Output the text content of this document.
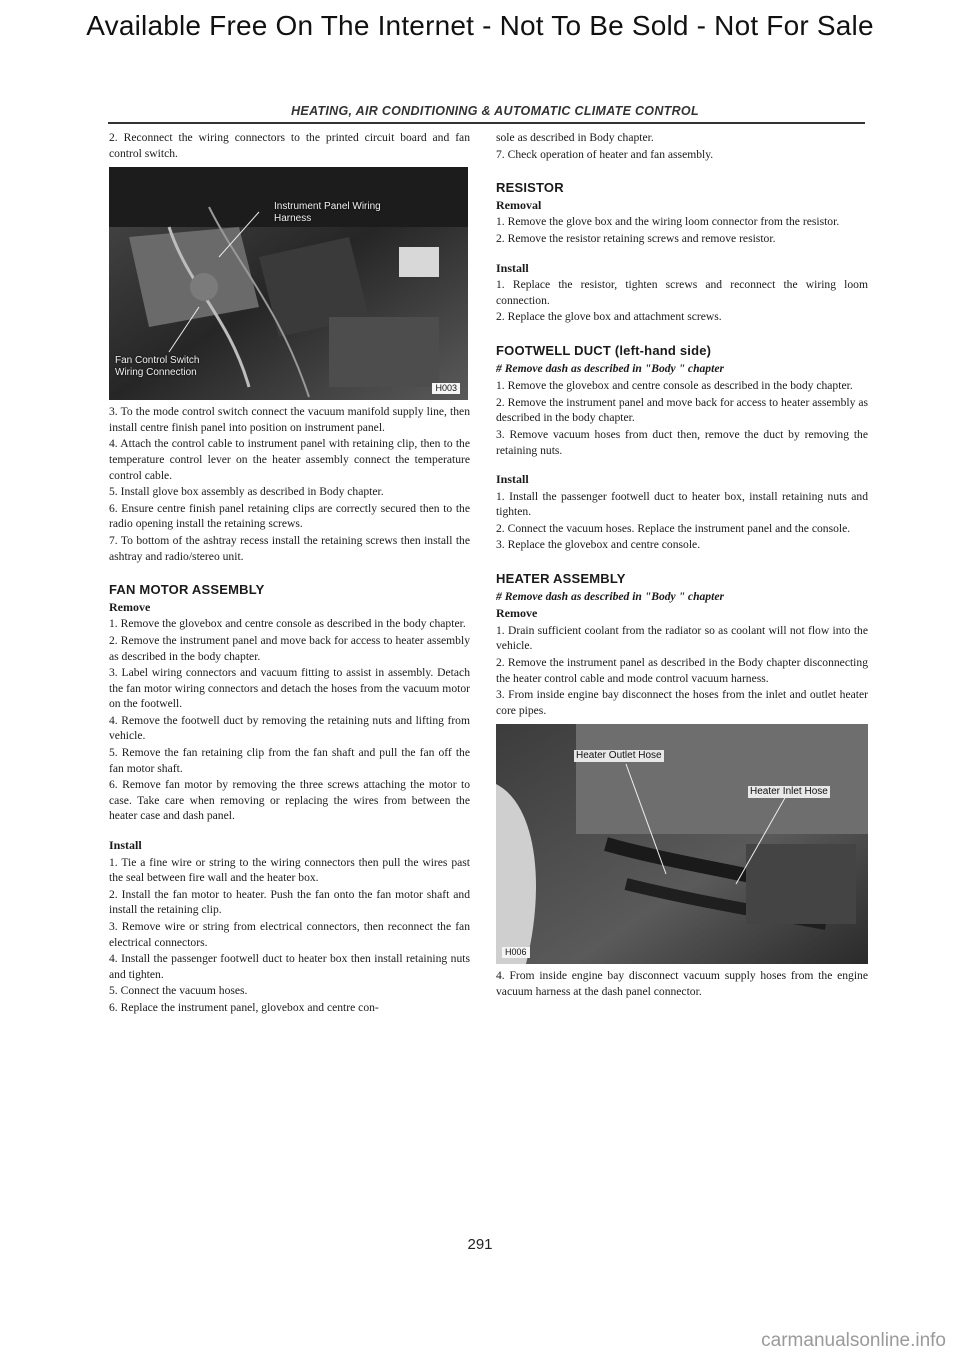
Available Free On The Internet - Not To Be Sold - Not For Sale
HEATING, AIR CONDITIONING & AUTOMATIC CLIMATE CONTROL

2. Reconnect the wiring connectors to the printed circuit board and fan control switch.

Instrument Panel Wiring Harness
Fan Control Switch Wiring Connection
H003

3. To the mode control switch connect the vacuum manifold supply line, then install centre finish panel into position on instrument panel.

4. Attach the control cable to instrument panel with retaining clip, then to the temperature control lever on the heater assembly connect the temperature control cable.

5. Install glove box assembly as described in Body chapter.

6. Ensure centre finish panel retaining clips are correctly secured then to the radio opening install the retaining screws.

7. To bottom of the ashtray recess install the retaining screws then install the ashtray and radio/stereo unit.

FAN MOTOR ASSEMBLY
Remove

1. Remove the glovebox and centre console as described in the body chapter.

2. Remove the instrument panel and move back for access to heater assembly as described in the body chapter.

3. Label wiring connectors and vacuum fitting to assist in assembly. Detach the fan motor wiring connectors and detach the hoses from the vacuum motor on the footwell.

4. Remove the footwell duct by removing the retaining nuts and lifting from vehicle.

5. Remove the fan retaining clip from the fan shaft and pull the fan off the fan motor shaft.

6. Remove fan motor by removing the three screws attaching the motor to case. Take care when removing or replacing the wires from between the heater case and dash panel.

Install

1. Tie a fine wire or string to the wiring connectors then pull the wires past the seal between fire wall and the heater box.

2. Install the fan motor to heater. Push the fan onto the fan motor shaft and install the retaining clip.

3. Remove wire or string from electrical connectors, then reconnect the fan electrical connectors.

4. Install the passenger footwell duct to heater box then install retaining nuts and tighten.

5. Connect the vacuum hoses.

6. Replace the instrument panel, glovebox and centre con-

sole as described in Body chapter.

7. Check operation of heater and fan assembly.

RESISTOR
Removal

1. Remove the glove box and the wiring loom connector from the resistor.

2. Remove the resistor retaining screws and remove resistor.

Install

1. Replace the resistor, tighten screws and reconnect the wiring loom connection.

2. Replace the glove box and attachment screws.

FOOTWELL DUCT (left-hand side)
# Remove dash as described in "Body " chapter

1. Remove the glovebox and centre console as described in the body chapter.

2. Remove the instrument panel and move back for access to heater assembly as described in the body chapter.

3. Remove vacuum hoses from duct then, remove the duct by removing the retaining nuts.

Install

1. Install the passenger footwell duct to heater box, install retaining nuts and tighten.

2. Connect the vacuum hoses. Replace the instrument panel and the console.

3. Replace the glovebox and centre console.

HEATER ASSEMBLY
# Remove dash as described in "Body " chapter
Remove

1. Drain sufficient coolant from the radiator so as coolant will not flow into the vehicle.

2. Remove the instrument panel as described in the Body chapter disconnecting the heater control cable and mode control vacuum harness.

3. From inside engine bay disconnect the hoses from the inlet and outlet heater core pipes.

Heater Outlet Hose
Heater Inlet Hose
H006

4. From inside engine bay disconnect vacuum supply hoses from the engine vacuum harness at the dash panel connector.

291
carmanualsonline.info
